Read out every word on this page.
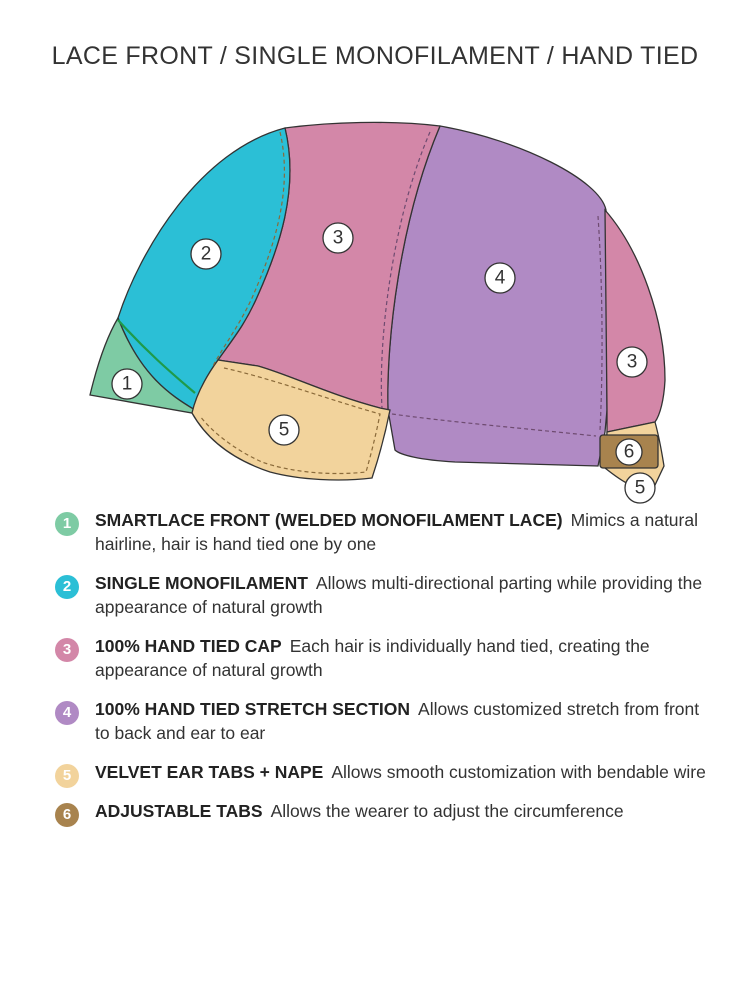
LACE FRONT / SINGLE MONOFILAMENT / HAND TIED
1
2
3
4
3
5
6
5
1	SMARTLACE FRONT (WELDED MONOFILAMENT LACE) Mimics a natural hairline, hair is hand tied one by one
2	SINGLE MONOFILAMENT Allows multi-directional parting while providing the appearance of natural growth
3	100% HAND TIED CAP Each hair is individually hand tied, creating the appearance of natural growth
4	100% HAND TIED STRETCH SECTION Allows customized stretch from front to back and ear to ear
5	VELVET EAR TABS + NAPE Allows smooth customization with bendable wire
6	ADJUSTABLE TABS Allows the wearer to adjust the circumference
